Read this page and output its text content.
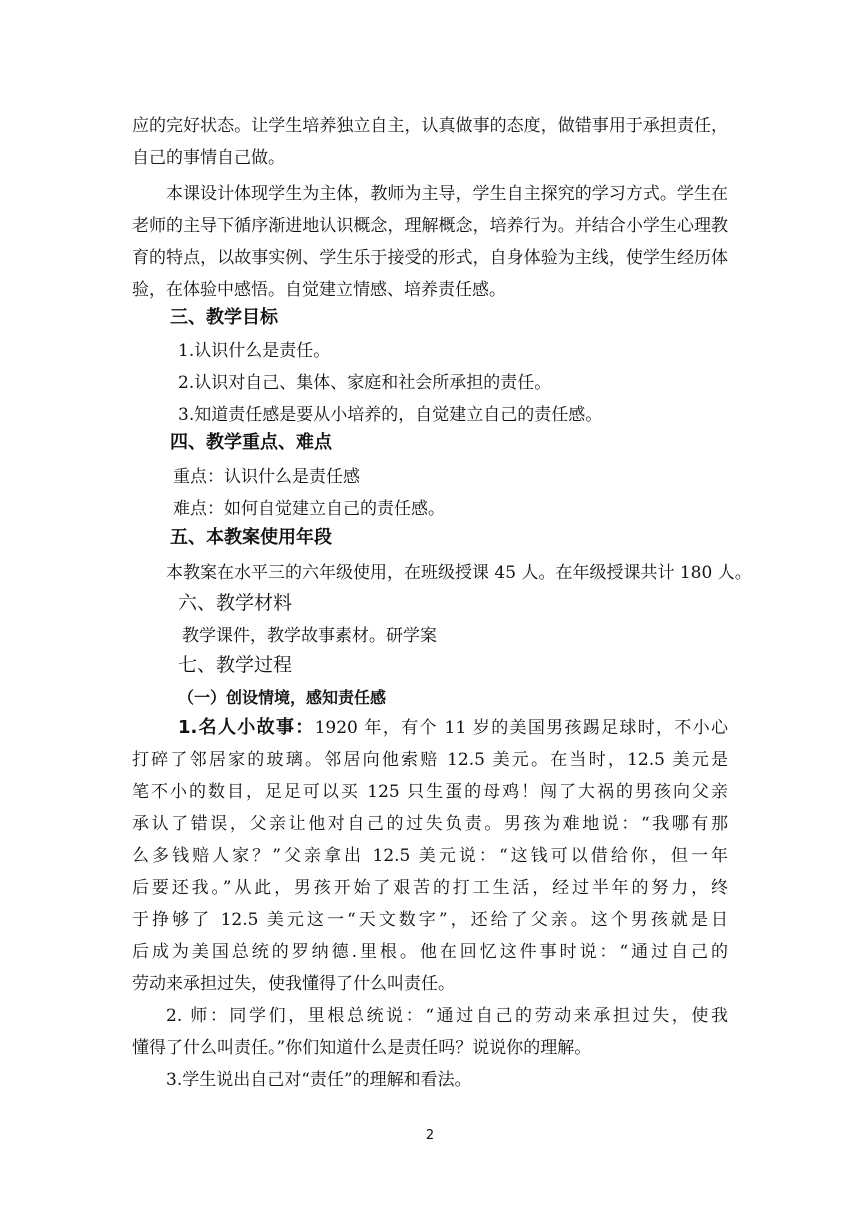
应的完好状态。让学生培养独立自主，认真做事的态度，做错事用于承担责任，
自己的事情自己做。
本课设计体现学生为主体，教师为主导，学生自主探究的学习方式。学生在
老师的主导下循序渐进地认识概念，理解概念，培养行为。并结合小学生心理教
育的特点，以故事实例、学生乐于接受的形式，自身体验为主线，使学生经历体
验，在体验中感悟。自觉建立情感、培养责任感。
三、教学目标
1.认识什么是责任。
2.认识对自己、集体、家庭和社会所承担的责任。
3.知道责任感是要从小培养的，自觉建立自己的责任感。
四、教学重点、难点
重点：认识什么是责任感
难点：如何自觉建立自己的责任感。
五、本教案使用年段
本教案在水平三的六年级使用，在班级授课 45 人。在年级授课共计 180 人。
六、教学材料
教学课件，教学故事素材。研学案
七、教学过程
（一）创设情境，感知责任感
1.名人小故事：1920 年，有个 11 岁的美国男孩踢足球时，不小心
打碎了邻居家的玻璃。邻居向他索赔 12.5 美元。在当时，12.5 美元是
笔不小的数目，足足可以买 125 只生蛋的母鸡！闯了大祸的男孩向父亲
承认了错误，父亲让他对自己的过失负责。男孩为难地说：“我哪有那
么多钱赔人家？”父亲拿出 12.5 美元说：“这钱可以借给你，但一年
后要还我。”从此，男孩开始了艰苦的打工生活，经过半年的努力，终
于挣够了 12.5 美元这一“天文数字”，还给了父亲。这个男孩就是日
后成为美国总统的罗纳德.里根。他在回忆这件事时说：“通过自己的
劳动来承担过失，使我懂得了什么叫责任。
2. 师：同学们，里根总统说：“通过自己的劳动来承担过失，使我
懂得了什么叫责任。”你们知道什么是责任吗？说说你的理解。
3.学生说出自己对“责任”的理解和看法。
2
